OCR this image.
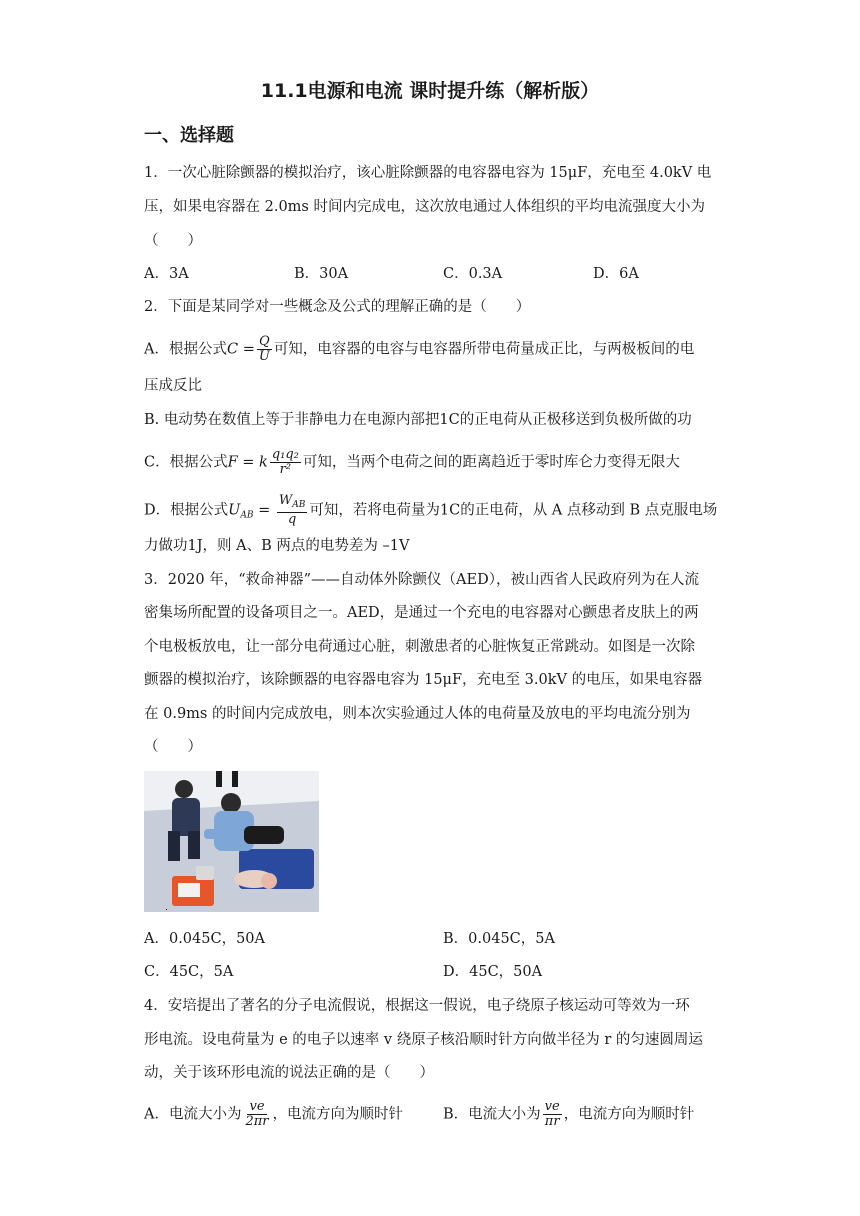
11.1电源和电流 课时提升练（解析版）
一、选择题
1．一次心脏除颤器的模拟治疗，该心脏除颤器的电容器电容为 15μF，充电至 4.0kV 电
压，如果电容器在 2.0ms 时间内完成电，这次放电通过人体组织的平均电流强度大小为
（　　）
A．3A	B．30A	C．0.3A	D．6A
2．下面是某同学对一些概念及公式的理解正确的是（　　）
A．根据公式$C = \frac{Q}{U}$ 可知，电容器的电容与电容器所带电荷量成正比，与两极板间的电
压成反比
B. 电动势在数值上等于非静电力在电源内部把1C的正电荷从正极移送到负极所做的功
C．根据公式F = k $\frac{\text{q₁q₂}}{\text{r²}}$ 可知，当两个电荷之间的距离趋近于零时库仑力变得无限大
D．根据公式$U_{AB} = \frac{W_{AB}}{q}$ 可知，若将电荷量为1C的正电荷，从 A 点移动到 B 点克服电场
力做功1J，则 A、B 两点的电势差为 –1V
3．2020 年，“救命神器”——自动体外除颤仪（AED），被山西省人民政府列为在人流
密集场所配置的设备项目之一。AED，是通过一个充电的电容器对心颤患者皮肤上的两
个电极板放电，让一部分电荷通过心脏，刺激患者的心脏恢复正常跳动。如图是一次除
颤器的模拟治疗，该除颤器的电容器电容为 15μF，充电至 3.0kV 的电压，如果电容器
在 0.9ms 的时间内完成放电，则本次实验通过人体的电荷量及放电的平均电流分别为
（　　）
A．0.045C，50A	B．0.045C，5A
C．45C，5A	D．45C，50A
4．安培提出了著名的分子电流假说，根据这一假说，电子绕原子核运动可等效为一环
形电流。设电荷量为 e 的电子以速率 v 绕原子核沿顺时针方向做半径为 r 的匀速圆周运
动，关于该环形电流的说法正确的是（　　）
A．电流大小为 $\frac{ve}{2\pi r}$ ，电流方向为顺时针	B．电流大小为 $\frac{ve}{\pi r}$ ，电流方向为顺时针
